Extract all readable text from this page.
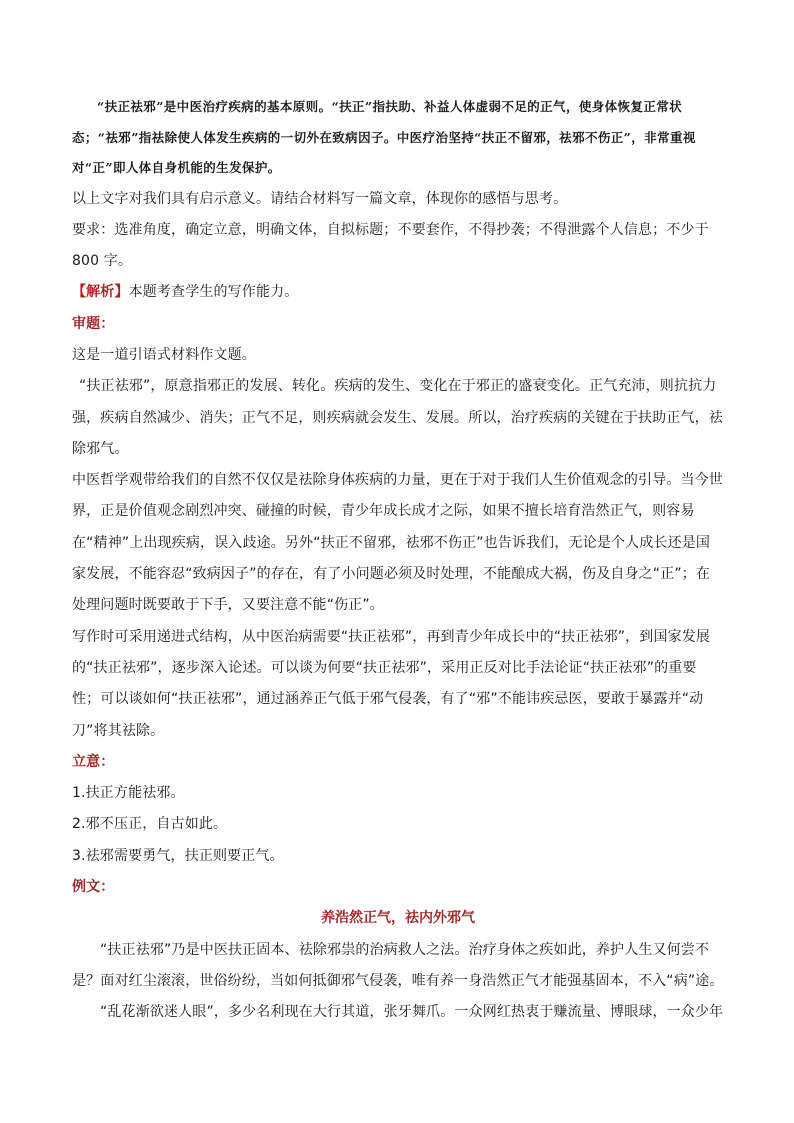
“扶正祛邪”是中医治疗疾病的基本原则。“扶正”指扶助、补益人体虚弱不足的正气，使身体恢复正常状态；“祛邪”指祛除使人体发生疾病的一切外在致病因子。中医疗治坚持“扶正不留邪，祛邪不伤正”，非常重视对“正”即人体自身机能的生发保护。

以上文字对我们具有启示意义。请结合材料写一篇文章，体现你的感悟与思考。

要求：选准角度，确定立意，明确文体，自拟标题；不要套作，不得抄袭；不得泄露个人信息；不少于 800 字。

【解析】本题考查学生的写作能力。

审题：

这是一道引语式材料作文题。

“扶正祛邪”，原意指邪正的发展、转化。疾病的发生、变化在于邪正的盛衰变化。正气充沛，则抗抗力强，疾病自然减少、消失；正气不足，则疾病就会发生、发展。所以，治疗疾病的关键在于扶助正气，祛除邪气。

中医哲学观带给我们的自然不仅仅是祛除身体疾病的力量，更在于对于我们人生价值观念的引导。当今世界，正是价值观念剧烈冲突、碰撞的时候，青少年成长成才之际，如果不擅长培育浩然正气，则容易在“精神”上出现疾病，误入歧途。另外“扶正不留邪，祛邪不伤正”也告诉我们，无论是个人成长还是国家发展，不能容忍“致病因子”的存在，有了小问题必须及时处理，不能酿成大祸，伤及自身之“正”；在处理问题时既要敢于下手，又要注意不能“伤正”。

写作时可采用递进式结构，从中医治病需要“扶正祛邪”，再到青少年成长中的“扶正祛邪”，到国家发展的“扶正祛邪”，逐步深入论述。可以谈为何要“扶正祛邪”，采用正反对比手法论证“扶正祛邪”的重要性；可以谈如何“扶正祛邪”，通过涵养正气低于邪气侵袭，有了“邪”不能讳疾忌医，要敢于暴露并“动刀”将其祛除。

立意：

1.扶正方能祛邪。

2.邪不压正，自古如此。

3.祛邪需要勇气，扶正则要正气。

例文：

养浩然正气，祛内外邪气

“扶正祛邪”乃是中医扶正固本、祛除邪祟的治病救人之法。治疗身体之疾如此，养护人生又何尝不是？面对红尘滚滚，世俗纷纷，当如何抵御邪气侵袭，唯有养一身浩然正气才能强基固本，不入“病”途。

“乱花渐欲迷人眼”，多少名利现在大行其道，张牙舞爪。一众网红热衷于赚流量、博眼球，一众少年
